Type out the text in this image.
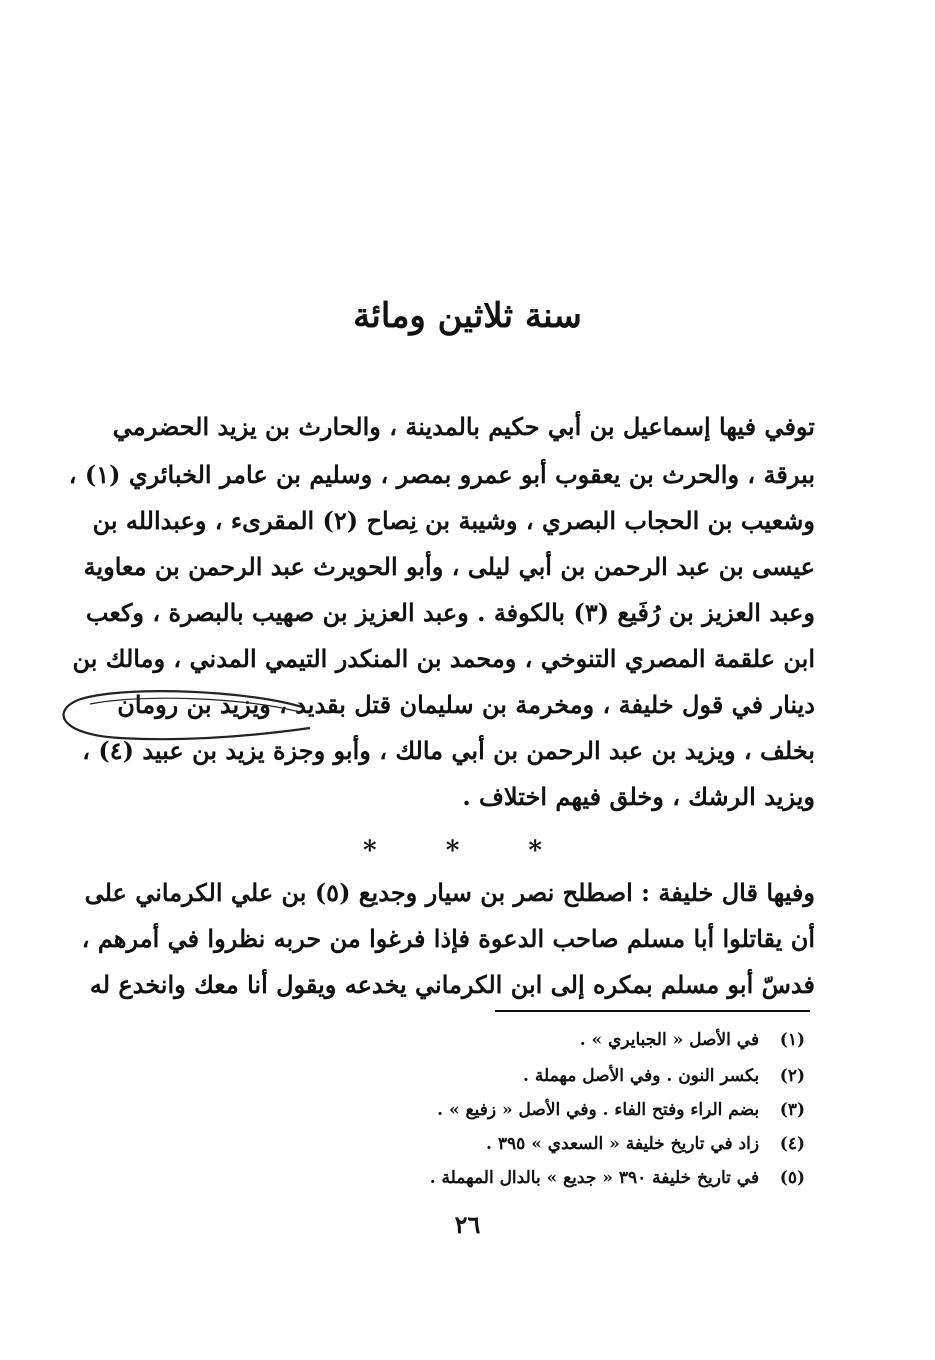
سنة ثلاثين ومائة
توفي فيها إسماعيل بن أبي حكيم بالمدينة ، والحارث بن يزيد الحضرمي
ببرقة ، والحرث بن يعقوب أبو عمرو بمصر ، وسليم بن عامر الخبائري (١) ،
وشعيب بن الحجاب البصري ، وشيبة بن نِصاح (٢) المقرىء ، وعبدالله بن
عيسى بن عبد الرحمن بن أبي ليلى ، وأبو الحويرث عبد الرحمن بن معاوية
وعبد العزيز بن رُفَيع (٣) بالكوفة . وعبد العزيز بن صهيب بالبصرة ، وكعب
ابن علقمة المصري التنوخي ، ومحمد بن المنكدر التيمي المدني ، ومالك بن
دينار في قول خليفة ، ومخرمة بن سليمان قتل بقديد ، ويزيد بن رومان
بخلف ، ويزيد بن عبد الرحمن بن أبي مالك ، وأبو وجزة يزيد بن عبيد (٤) ،
ويزيد الرشك ، وخلق فيهم اختلاف .
* * *
وفيها قال خليفة : اصطلح نصر بن سيار وجديع (٥) بن علي الكرماني على
أن يقاتلوا أبا مسلم صاحب الدعوة فإذا فرغوا من حربه نظروا في أمرهم ،
فدسّ أبو مسلم بمكره إلى ابن الكرماني يخدعه ويقول أنا معك وانخدع له
(١) في الأصل « الجبايري » .
(٢) بكسر النون . وفي الأصل مهملة .
(٣) بضم الراء وفتح الفاء . وفي الأصل « زفيع » .
(٤) زاد في تاريخ خليفة « السعدي » ٣٩٥ .
(٥) في تاريخ خليفة ٣٩٠ « جديع » بالدال المهملة .
٢٦
